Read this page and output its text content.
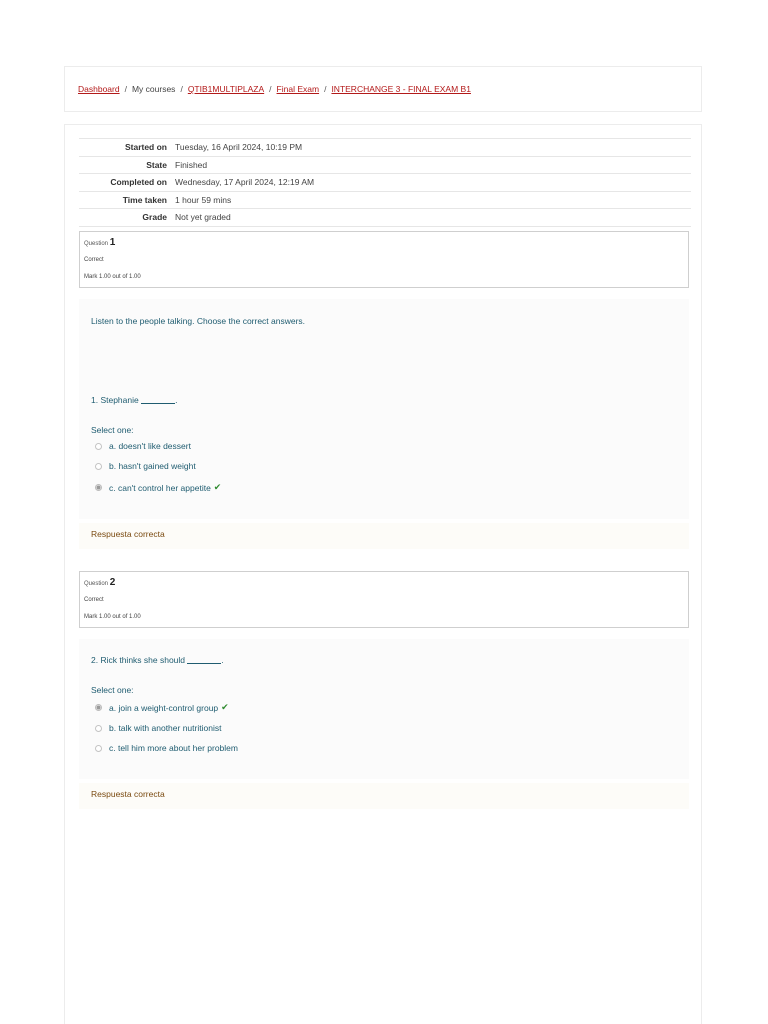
Dashboard / My courses / QTIB1MULTIPLAZA / Final Exam / INTERCHANGE 3 - FINAL EXAM B1
Started on	Tuesday, 16 April 2024, 10:19 PM
State	Finished
Completed on	Wednesday, 17 April 2024, 12:19 AM
Time taken	1 hour 59 mins
Grade	Not yet graded
Question 1
Correct
Mark 1.00 out of 1.00
Listen to the people talking. Choose the correct answers.
1. Stephanie	.
Select one:
a. doesn't like dessert
b. hasn't gained weight
c. can't control her appetite ✔
Respuesta correcta
Question 2
Correct
Mark 1.00 out of 1.00
2. Rick thinks she should	.
Select one:
a. join a weight-control group ✔
b. talk with another nutritionist
c. tell him more about her problem
Respuesta correcta
